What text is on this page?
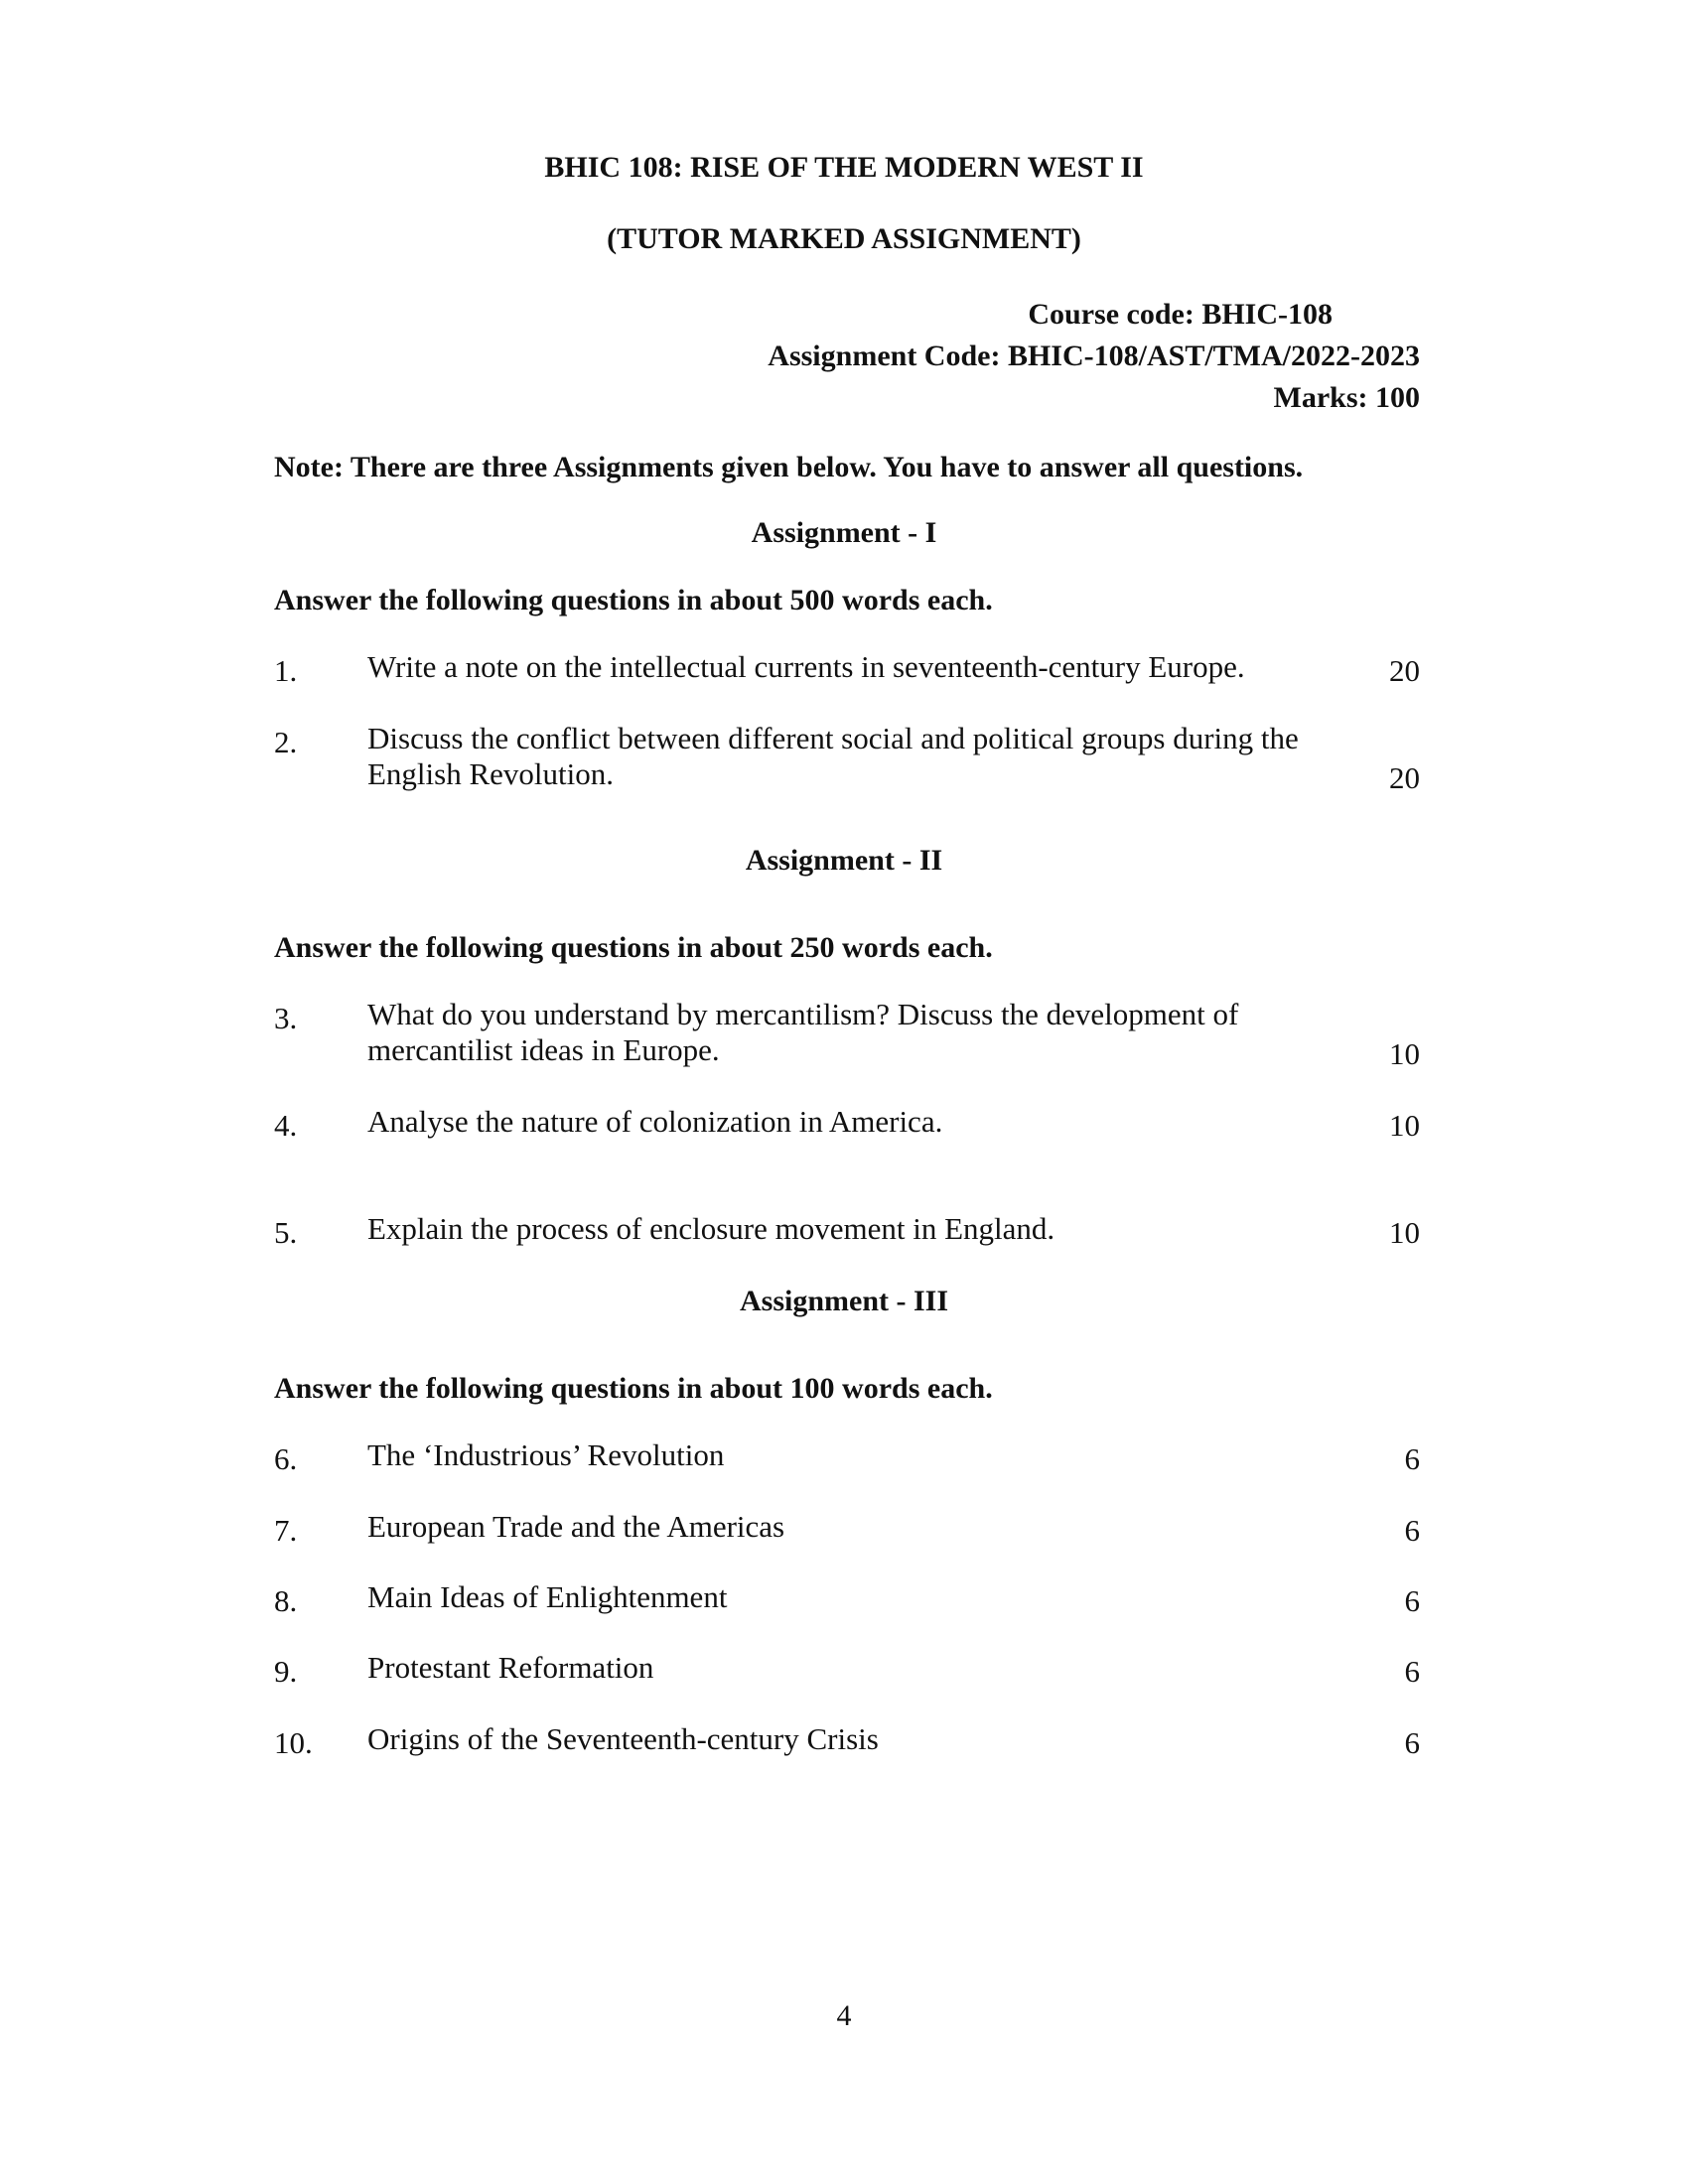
BHIC 108: RISE OF THE MODERN WEST II
(TUTOR MARKED ASSIGNMENT)
Course code: BHIC-108
Assignment Code: BHIC-108/AST/TMA/2022-2023
Marks: 100
Note: There are three Assignments given below. You have to answer all questions.
Assignment - I
Answer the following questions in about 500 words each.
1. Write a note on the intellectual currents in seventeenth-century Europe.	20
2. Discuss the conflict between different social and political groups during the
English Revolution.	20
Assignment - II
Answer the following questions in about 250 words each.
3. What do you understand by mercantilism? Discuss the development of
mercantilist ideas in Europe.	10
4. Analyse the nature of colonization in America.	10
5. Explain the process of enclosure movement in England.	10
Assignment - III
Answer the following questions in about 100 words each.
6. The ‘Industrious’ Revolution	6
7. European Trade and the Americas	6
8. Main Ideas of Enlightenment	6
9. Protestant Reformation	6
10. Origins of the Seventeenth-century Crisis	6
4
